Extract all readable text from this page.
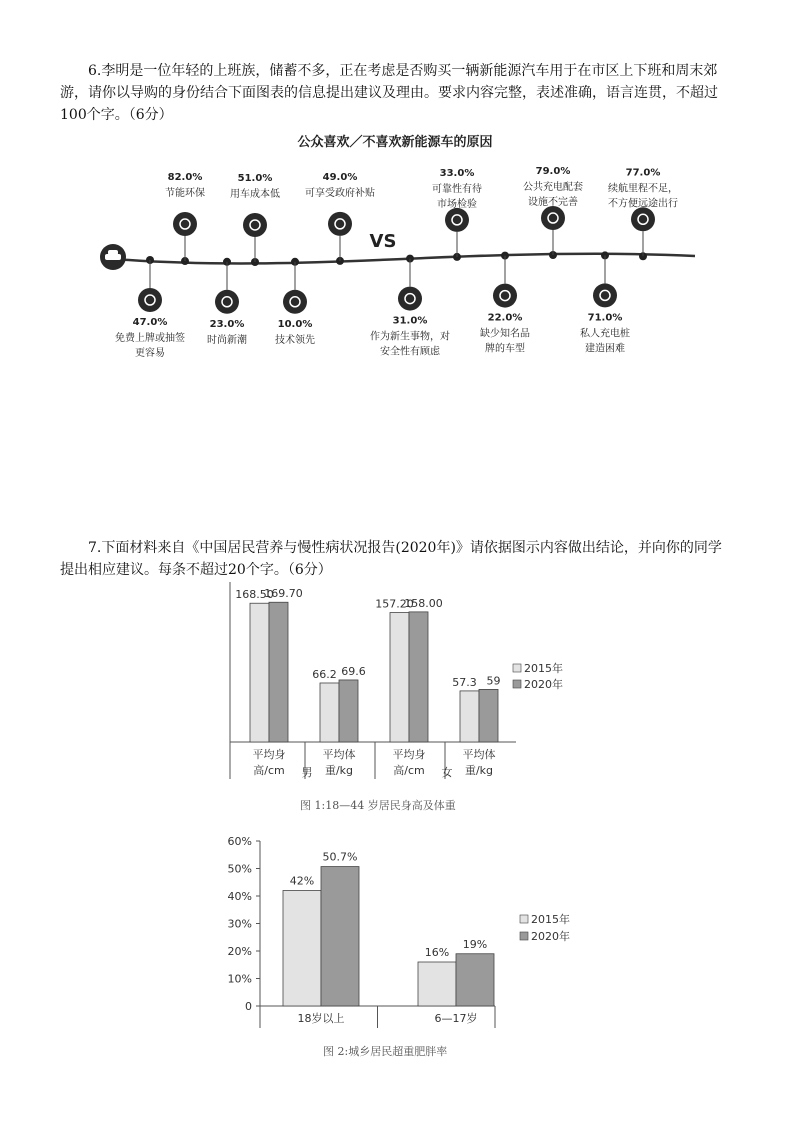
6.李明是一位年轻的上班族，储蓄不多，正在考虑是否购买一辆新能源汽车用于在市区上下班和周末郊游，请你以导购的身份结合下面图表的信息提出建议及理由。要求内容完整，表述准确，语言连贯，不超过100个字。（6分）

公众喜欢／不喜欢新能源车的原因
VS
47.0%
免费上牌或抽签
更容易
82.0%
节能环保
23.0%
时尚新潮
51.0%
用车成本低
10.0%
技术领先
49.0%
可享受政府补贴
31.0%
作为新生事物，对
安全性有顾虑
33.0%
可靠性有待
市场检验
22.0%
缺少知名品
牌的车型
79.0%
公共充电配套
设施不完善
71.0%
私人充电桩
建造困难
77.0%
续航里程不足，
不方便远途出行

7.下面材料来自《中国居民营养与慢性病状况报告(2020年)》请依据图示内容做出结论，并向你的同学提出相应建议。每条不超过20个字。（6分）

168.50
169.70
平均身
高/cm
66.2 69.6
平均体
重/kg
157.20
158.00
平均身
高/cm
57.3 59
平均体
重/kg
男	女
2015年
2020年
图 1:18—44 岁居民身高及体重
0
10%
20%
30%
40%
50%
60%
42%
50.7%
18岁以上
16%
19%
6—17岁
2015年
2020年
图 2:城乡居民超重肥胖率
